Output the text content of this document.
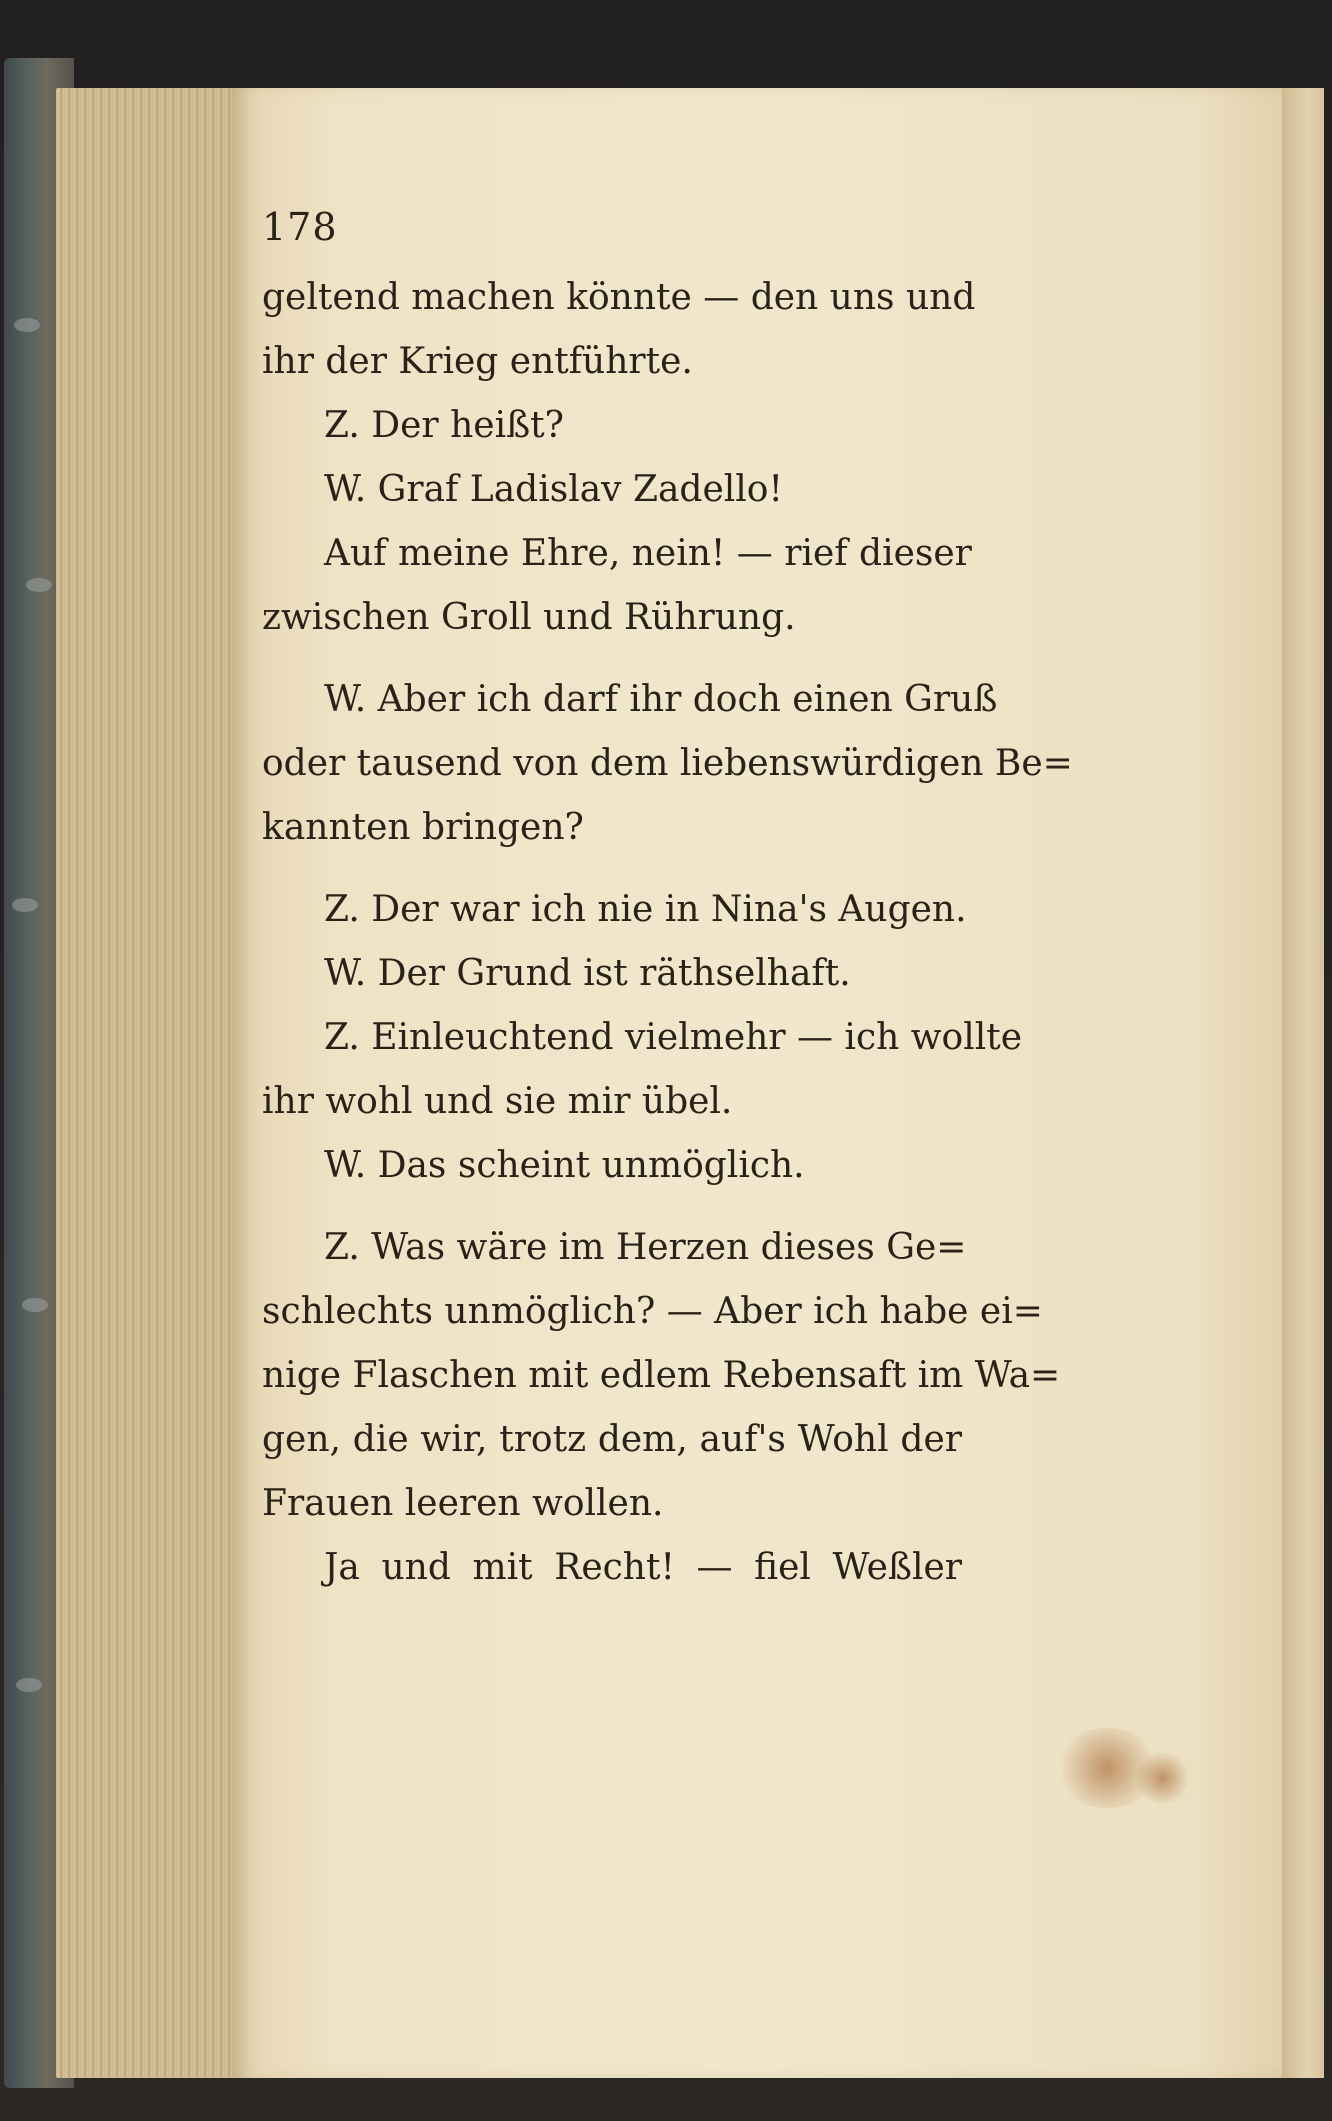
178
geltend machen könnte — den uns und
ihr der Krieg entführte.
Z. Der heißt?
W. Graf Ladislav Zadello!
Auf meine Ehre, nein! — rief dieser
zwischen Groll und Rührung.
W. Aber ich darf ihr doch einen Gruß
oder tausend von dem liebenswürdigen Be=
kannten bringen?
Z. Der war ich nie in Nina's Augen.
W. Der Grund ist räthselhaft.
Z. Einleuchtend vielmehr — ich wollte
ihr wohl und sie mir übel.
W. Das scheint unmöglich.
Z. Was wäre im Herzen dieses Ge=
schlechts unmöglich? — Aber ich habe ei=
nige Flaschen mit edlem Rebensaft im Wa=
gen, die wir, trotz dem, auf's Wohl der
Frauen leeren wollen.
Ja und mit Recht! — fiel Weßler
